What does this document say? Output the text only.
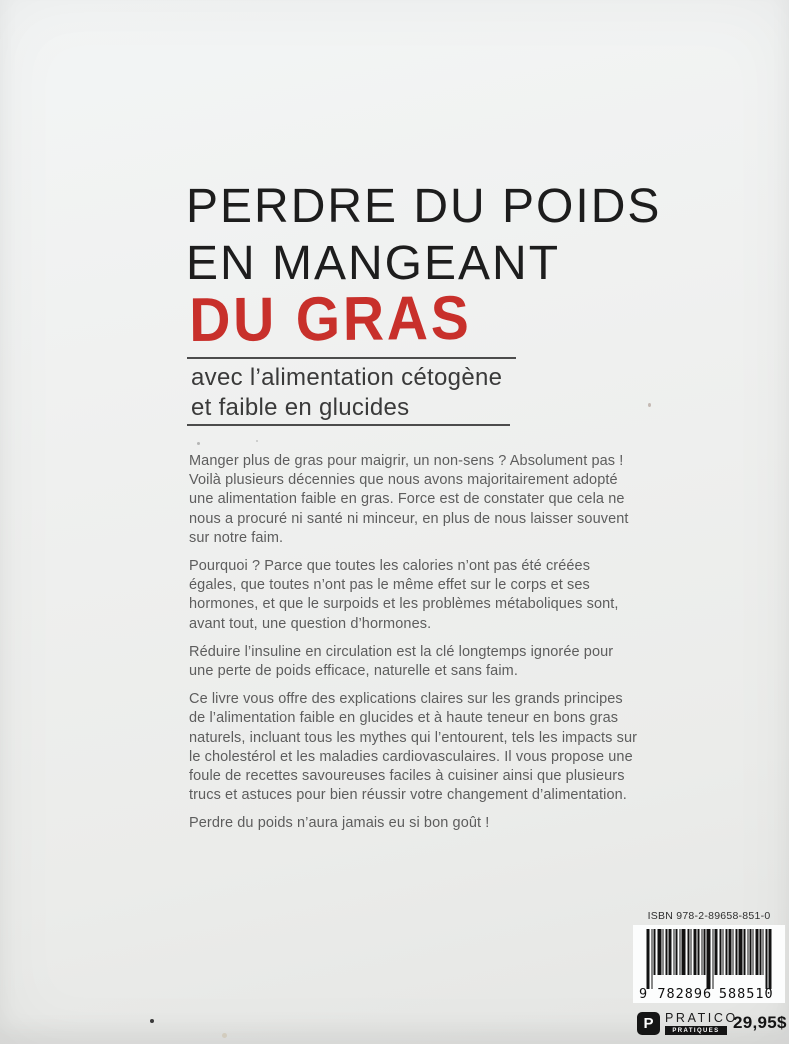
PERDRE DU POIDS
EN MANGEANT
DU GRAS
avec l’alimentation cétogène
et faible en glucides

Manger plus de gras pour maigrir, un non-sens ? Absolument pas ! Voilà plusieurs décennies que nous avons majoritairement adopté une alimentation faible en gras. Force est de constater que cela ne nous a procuré ni santé ni minceur, en plus de nous laisser souvent sur notre faim.

Pourquoi ? Parce que toutes les calories n’ont pas été créées égales, que toutes n’ont pas le même effet sur le corps et ses hormones, et que le surpoids et les problèmes métaboliques sont, avant tout, une question d’hormones.

Réduire l’insuline en circulation est la clé longtemps ignorée pour une perte de poids efficace, naturelle et sans faim.

Ce livre vous offre des explications claires sur les grands principes de l’alimentation faible en glucides et à haute teneur en bons gras naturels, incluant tous les mythes qui l’entourent, tels les impacts sur le cholestérol et les maladies cardiovasculaires. Il vous propose une foule de recettes savoureuses faciles à cuisiner ainsi que plusieurs trucs et astuces pour bien réussir votre changement d’alimentation.

Perdre du poids n’aura jamais eu si bon goût !

ISBN 978-2-89658-851-0
9 782896 588510
P PRATICO
PRATIQUES 29,95$
